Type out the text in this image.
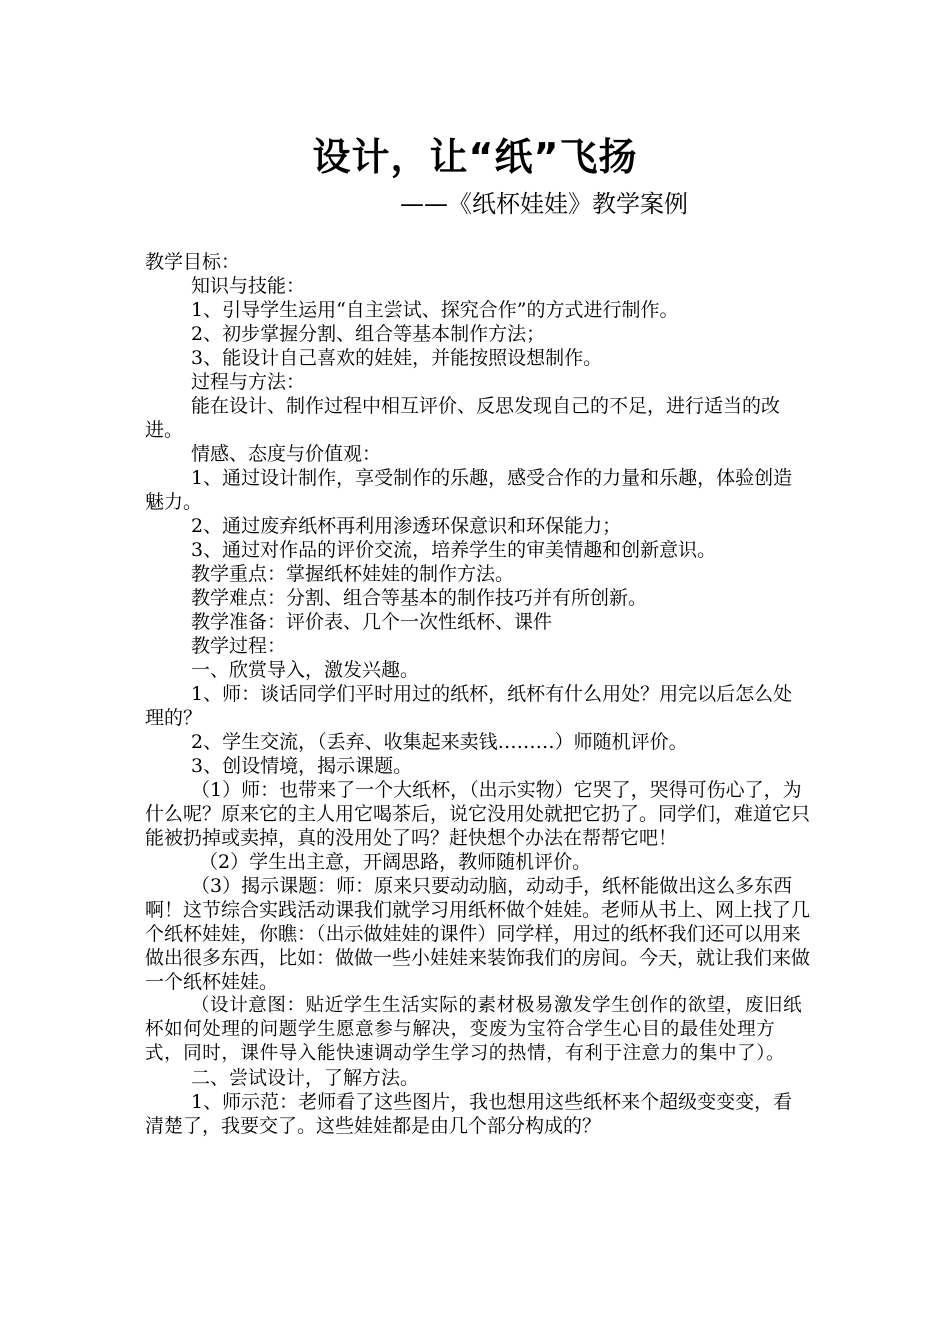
设计，让“纸”飞扬
——《纸杯娃娃》教学案例

教学目标：

知识与技能：

1、引导学生运用“自主尝试、探究合作”的方式进行制作。

2、初步掌握分割、组合等基本制作方法；

3、能设计自己喜欢的娃娃，并能按照设想制作。

过程与方法：

能在设计、制作过程中相互评价、反思发现自己的不足，进行适当的改进。

情感、态度与价值观：

1、通过设计制作，享受制作的乐趣，感受合作的力量和乐趣，体验创造魅力。

2、通过废弃纸杯再利用渗透环保意识和环保能力；

3、通过对作品的评价交流，培养学生的审美情趣和创新意识。

教学重点：掌握纸杯娃娃的制作方法。

教学难点：分割、组合等基本的制作技巧并有所创新。

教学准备：评价表、几个一次性纸杯、课件

教学过程：

一、欣赏导入，激发兴趣。

1、师：谈话同学们平时用过的纸杯，纸杯有什么用处？用完以后怎么处理的？

2、学生交流，（丢弃、收集起来卖钱………）师随机评价。

3、创设情境，揭示课题。

（1）师：也带来了一个大纸杯，（出示实物）它哭了，哭得可伤心了，为什么呢？原来它的主人用它喝茶后，说它没用处就把它扔了。同学们，难道它只能被扔掉或卖掉，真的没用处了吗？赶快想个办法在帮帮它吧！

（2）学生出主意，开阔思路，教师随机评价。

（3）揭示课题：师：原来只要动动脑，动动手，纸杯能做出这么多东西啊！这节综合实践活动课我们就学习用纸杯做个娃娃。老师从书上、网上找了几个纸杯娃娃，你瞧：（出示做娃娃的课件）同学样，用过的纸杯我们还可以用来做出很多东西，比如：做做一些小娃娃来装饰我们的房间。今天，就让我们来做一个纸杯娃娃。

（设计意图：贴近学生生活实际的素材极易激发学生创作的欲望，废旧纸杯如何处理的问题学生愿意参与解决，变废为宝符合学生心目的最佳处理方式，同时，课件导入能快速调动学生学习的热情，有利于注意力的集中了）。

二、尝试设计，了解方法。

1、师示范：老师看了这些图片，我也想用这些纸杯来个超级变变变，看清楚了，我要交了。这些娃娃都是由几个部分构成的？
